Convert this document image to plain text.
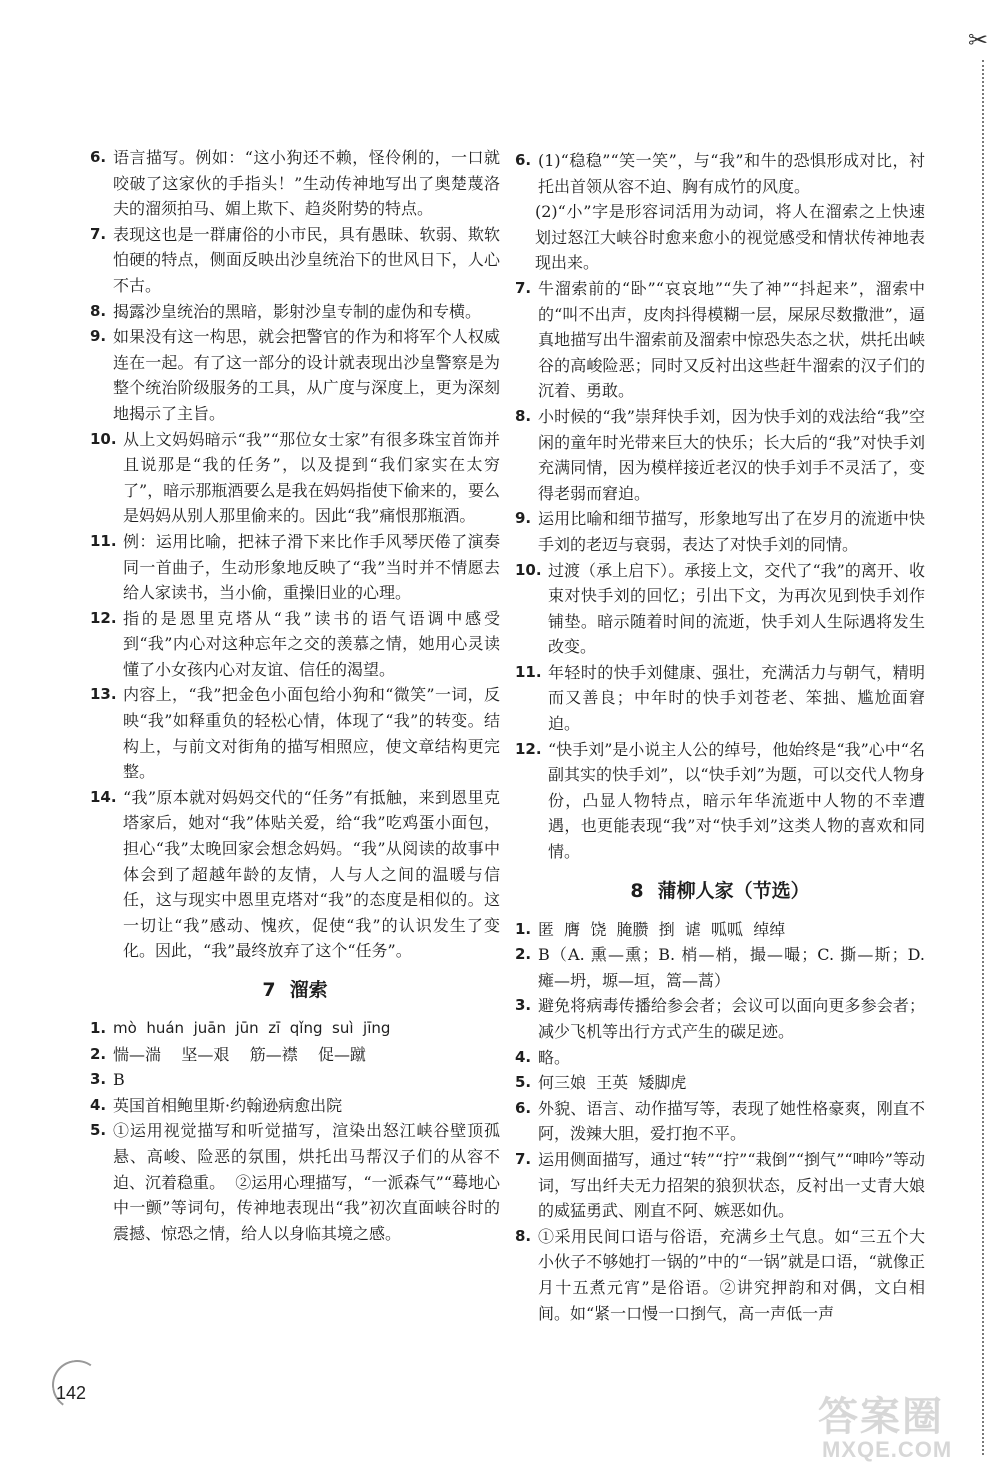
✂
6. 语言描写。例如：“这小狗还不赖，怪伶俐的，一口就咬破了这家伙的手指头！”生动传神地写出了奥楚蔑洛夫的溜须拍马、媚上欺下、趋炎附势的特点。
7. 表现这也是一群庸俗的小市民，具有愚昧、软弱、欺软怕硬的特点，侧面反映出沙皇统治下的世风日下，人心不古。
8. 揭露沙皇统治的黑暗，影射沙皇专制的虚伪和专横。
9. 如果没有这一构思，就会把警官的作为和将军个人权威连在一起。有了这一部分的设计就表现出沙皇警察是为整个统治阶级服务的工具，从广度与深度上，更为深刻地揭示了主旨。
10. 从上文妈妈暗示“我”“那位女士家”有很多珠宝首饰并且说那是“我的任务”，以及提到“我们家实在太穷了”，暗示那瓶酒要么是我在妈妈指使下偷来的，要么是妈妈从别人那里偷来的。因此“我”痛恨那瓶酒。
11. 例：运用比喻，把袜子滑下来比作手风琴厌倦了演奏同一首曲子，生动形象地反映了“我”当时并不情愿去给人家读书，当小偷，重操旧业的心理。
12. 指的是恩里克塔从“我”读书的语气语调中感受到“我”内心对这种忘年之交的羡慕之情，她用心灵读懂了小女孩内心对友谊、信任的渴望。
13. 内容上，“我”把金色小面包给小狗和“微笑”一词，反映“我”如释重负的轻松心情，体现了“我”的转变。结构上，与前文对街角的描写相照应，使文章结构更完整。
14. “我”原本就对妈妈交代的“任务”有抵触，来到恩里克塔家后，她对“我”体贴关爱，给“我”吃鸡蛋小面包，担心“我”太晚回家会想念妈妈。“我”从阅读的故事中体会到了超越年龄的友情，人与人之间的温暖与信任，这与现实中恩里克塔对“我”的态度是相似的。这一切让“我”感动、愧疚，促使“我”的认识发生了变化。因此，“我”最终放弃了这个“任务”。
7 溜索
1. mò  huán  juān  jūn  zī  qǐng  suì  jīng
2. 惴—湍    坚—艰    筋—襟    促—蹴
3. B
4. 英国首相鲍里斯·约翰逊病愈出院
5. ①运用视觉描写和听觉描写，渲染出怒江峡谷壁顶孤悬、高峻、险恶的氛围，烘托出马帮汉子们的从容不迫、沉着稳重。  ②运用心理描写，“一派森气”“蓦地心中一颤”等词句，传神地表现出“我”初次直面峡谷时的震撼、惊恐之情，给人以身临其境之感。
6. (1)“稳稳”“笑一笑”，与“我”和牛的恐惧形成对比，衬托出首领从容不迫、胸有成竹的风度。
(2)“小”字是形容词活用为动词，将人在溜索之上快速划过怒江大峡谷时愈来愈小的视觉感受和情状传神地表现出来。
7. 牛溜索前的“卧”“哀哀地”“失了神”“抖起来”，溜索中的“叫不出声，皮肉抖得模糊一层，屎尿尽数撒泄”，逼真地描写出牛溜索前及溜索中惊恐失态之状，烘托出峡谷的高峻险恶；同时又反衬出这些赶牛溜索的汉子们的沉着、勇敢。
8. 小时候的“我”崇拜快手刘，因为快手刘的戏法给“我”空闲的童年时光带来巨大的快乐；长大后的“我”对快手刘充满同情，因为模样接近老汉的快手刘手不灵活了，变得老弱而窘迫。
9. 运用比喻和细节描写，形象地写出了在岁月的流逝中快手刘的老迈与衰弱，表达了对快手刘的同情。
10. 过渡（承上启下）。承接上文，交代了“我”的离开、收束对快手刘的回忆；引出下文，为再次见到快手刘作铺垫。暗示随着时间的流逝，快手刘人生际遇将发生改变。
11. 年轻时的快手刘健康、强壮，充满活力与朝气，精明而又善良；中年时的快手刘苍老、笨拙、尴尬面窘迫。
12. “快手刘”是小说主人公的绰号，他始终是“我”心中“名副其实的快手刘”，以“快手刘”为题，可以交代人物身份，凸显人物特点，暗示年华流逝中人物的不幸遭遇，也更能表现“我”对“快手刘”这类人物的喜欢和同情。
8 蒲柳人家（节选）
1. 匿  膺  饶  腌臜  捯  谑  呱呱  绰绰
2. B（A. 熏—熏；B. 梢—梢，撮—嘬；C. 撕—斯；D. 瘫—坍，塬—垣，篙—蒿）
3. 避免将病毒传播给参会者；会议可以面向更多参会者；减少飞机等出行方式产生的碳足迹。
4. 略。
5. 何三娘  王英  矮脚虎
6. 外貌、语言、动作描写等，表现了她性格豪爽，刚直不阿，泼辣大胆，爱打抱不平。
7. 运用侧面描写，通过“转”“拧”“栽倒”“捯气”“呻吟”等动词，写出纤夫无力招架的狼狈状态，反衬出一丈青大娘的威猛勇武、刚直不阿、嫉恶如仇。
8. ①采用民间口语与俗语，充满乡土气息。如“三五个大小伙子不够她打一锅的”中的“一锅”就是口语，“就像正月十五煮元宵”是俗语。②讲究押韵和对偶，文白相间。如“紧一口慢一口捯气，高一声低一声
142
答案圈
MXQE.COM
